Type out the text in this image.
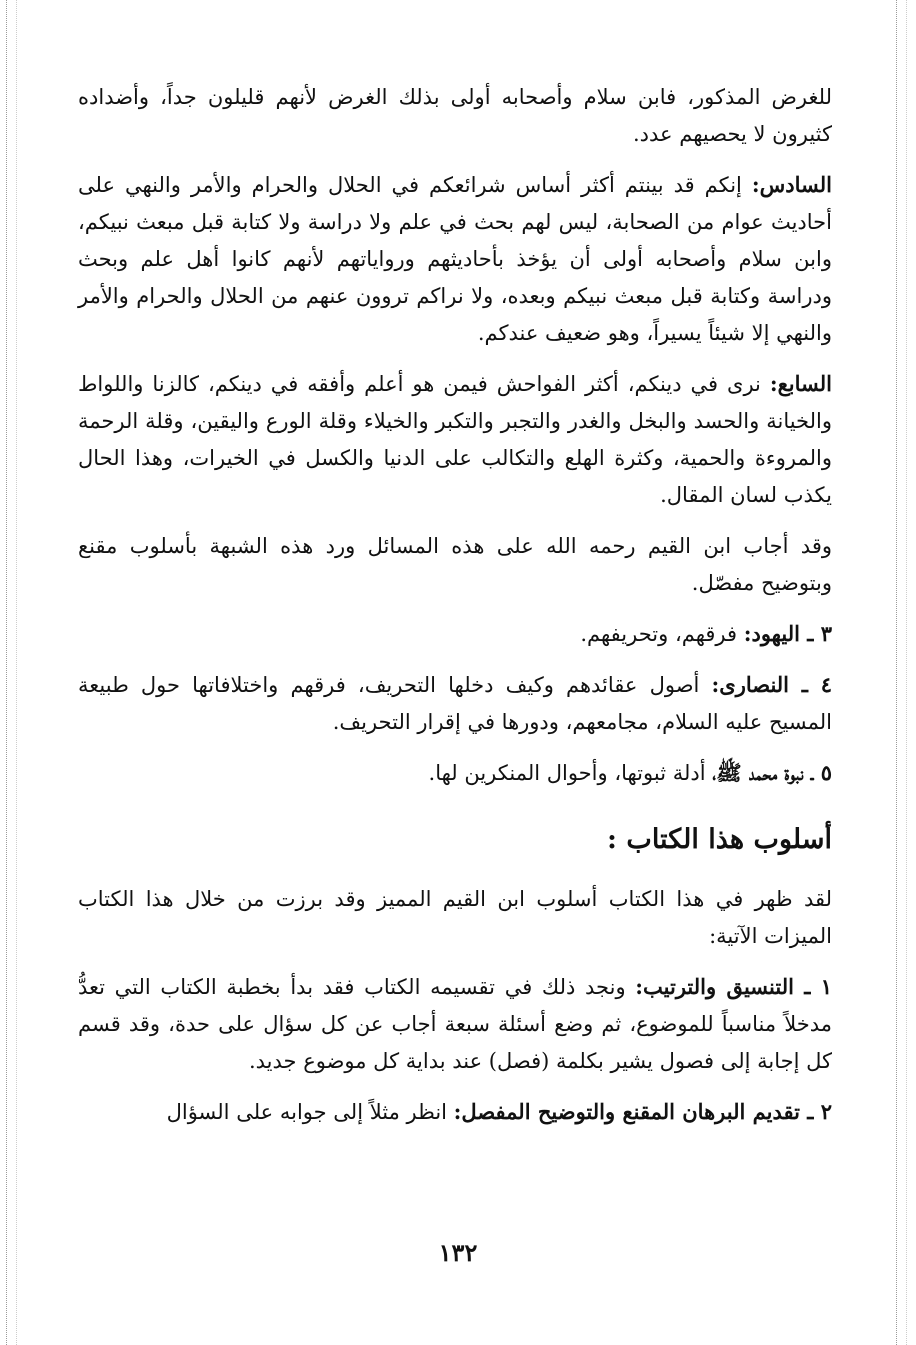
للغرض المذكور، فابن سلام وأصحابه أولى بذلك الغرض لأنهم قليلون جداً، وأضداده كثيرون لا يحصيهم عدد.

السادس: إنكم قد بينتم أكثر أساس شرائعكم في الحلال والحرام والأمر والنهي على أحاديث عوام من الصحابة، ليس لهم بحث في علم ولا دراسة ولا كتابة قبل مبعث نبيكم، وابن سلام وأصحابه أولى أن يؤخذ بأحاديثهم ورواياتهم لأنهم كانوا أهل علم وبحث ودراسة وكتابة قبل مبعث نبيكم وبعده، ولا نراكم تروون عنهم من الحلال والحرام والأمر والنهي إلا شيئاً يسيراً، وهو ضعيف عندكم.

السابع: نرى في دينكم، أكثر الفواحش فيمن هو أعلم وأفقه في دينكم، كالزنا واللواط والخيانة والحسد والبخل والغدر والتجبر والتكبر والخيلاء وقلة الورع واليقين، وقلة الرحمة والمروءة والحمية، وكثرة الهلع والتكالب على الدنيا والكسل في الخيرات، وهذا الحال يكذب لسان المقال.

وقد أجاب ابن القيم رحمه الله على هذه المسائل ورد هذه الشبهة بأسلوب مقنع وبتوضيح مفصّل.

٣ ـ اليهود: فرقهم، وتحريفهم.

٤ ـ النصارى: أصول عقائدهم وكيف دخلها التحريف، فرقهم واختلافاتها حول طبيعة المسيح عليه السلام، مجامعهم، ودورها في إقرار التحريف.

٥ ـ نبوة محمد ﷺ، أدلة ثبوتها، وأحوال المنكرين لها.

أسلوب هذا الكتاب :

لقد ظهر في هذا الكتاب أسلوب ابن القيم المميز وقد برزت من خلال هذا الكتاب الميزات الآتية:

١ ـ التنسيق والترتيب: ونجد ذلك في تقسيمه الكتاب فقد بدأ بخطبة الكتاب التي تعدُّ مدخلاً مناسباً للموضوع، ثم وضع أسئلة سبعة أجاب عن كل سؤال على حدة، وقد قسم كل إجابة إلى فصول يشير بكلمة (فصل) عند بداية كل موضوع جديد.

٢ ـ تقديم البرهان المقنع والتوضيح المفصل: انظر مثلاً إلى جوابه على السؤال

١٣٢
